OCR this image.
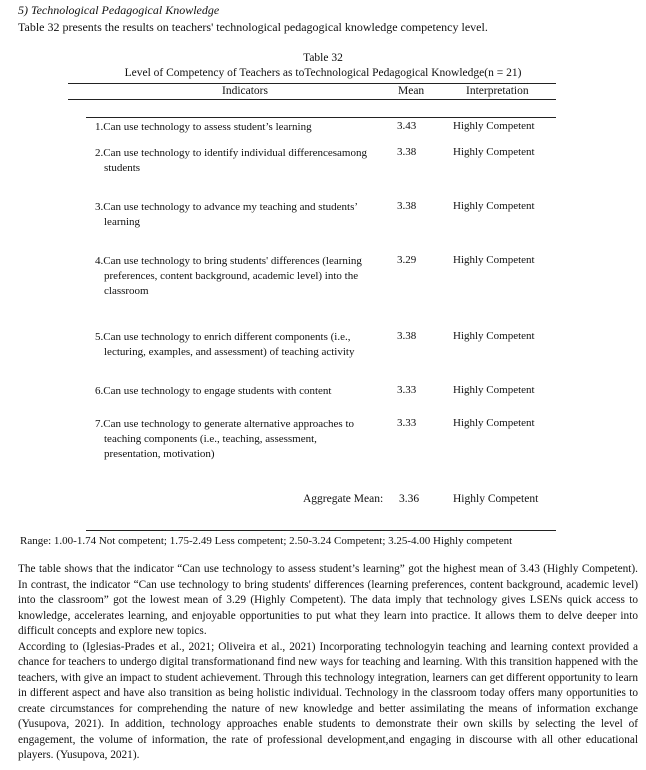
5) Technological Pedagogical Knowledge
Table 32 presents the results on teachers' technological pedagogical knowledge competency level.
Table 32
Level of Competency of Teachers as toTechnological Pedagogical Knowledge(n = 21)
Indicators	Mean	Interpretation
1.Can use technology to assess student’s learning	3.43	Highly Competent
2.Can use technology to identify individual differencesamong
students
3.38	Highly Competent
3.Can use technology to advance my teaching and students’
learning
3.38	Highly Competent
4.Can use technology to bring students' differences (learning
preferences, content background, academic level) into the
classroom
3.29	Highly Competent
5.Can use technology to enrich different components (i.e.,
lecturing, examples, and assessment) of teaching activity
3.38	Highly Competent
6.Can use technology to engage students with content	3.33	Highly Competent
7.Can use technology to generate alternative approaches to
teaching components (i.e., teaching, assessment,
presentation, motivation)
3.33	Highly Competent
Aggregate Mean: 3.36	Highly Competent
Range: 1.00-1.74 Not competent; 1.75-2.49 Less competent; 2.50-3.24 Competent; 3.25-4.00 Highly competent

The table shows that the indicator “Can use technology to assess student’s learning” got the highest mean of 3.43 (Highly Competent). In contrast, the indicator “Can use technology to bring students' differences (learning preferences, content background, academic level) into the classroom” got the lowest mean of 3.29 (Highly Competent). The data imply that technology gives LSENs quick access to knowledge, accelerates learning, and enjoyable opportunities to put what they learn into practice. It allows them to delve deeper into difficult concepts and explore new topics.

According to (Iglesias-Prades et al., 2021; Oliveira et al., 2021) Incorporating technologyin teaching and learning context provided a chance for teachers to undergo digital transformationand find new ways for teaching and learning. With this transition happened with the teachers, with give an impact to student achievement. Through this technology integration, learners can get different opportunity to learn in different aspect and have also transition as being holistic individual. Technology in the classroom today offers many opportunities to create circumstances for comprehending the nature of new knowledge and better assimilating the means of information exchange (Yusupova, 2021). In addition, technology approaches enable students to demonstrate their own skills by selecting the level of engagement, the volume of information, the rate of professional development,and engaging in discourse with all other educational players. (Yusupova, 2021).
